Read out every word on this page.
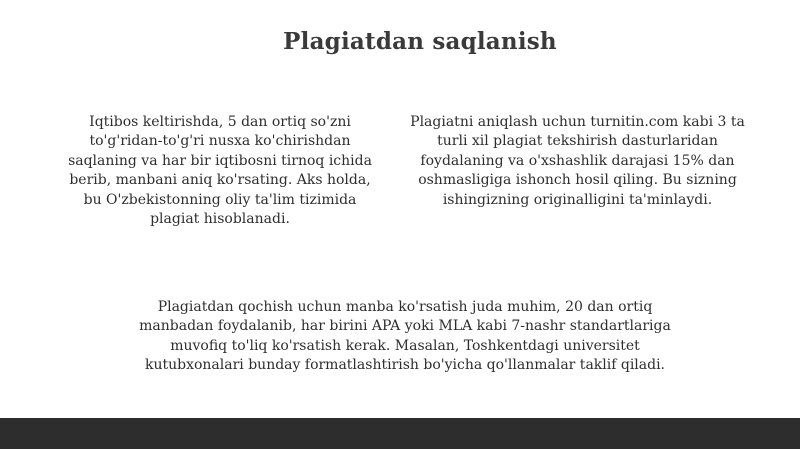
Plagiatdan saqlanish
Iqtibos keltirishda, 5 dan ortiq so'zni to'g'ridan-to'g'ri nusxa ko'chirishdan saqlaning va har bir iqtibosni tirnoq ichida berib, manbani aniq ko'rsating. Aks holda, bu O'zbekistonning oliy ta'lim tizimida plagiat hisoblanadi.
Plagiatni aniqlash uchun turnitin.com kabi 3 ta turli xil plagiat tekshirish dasturlaridan foydalaning va o'xshashlik darajasi 15% dan oshmasligiga ishonch hosil qiling. Bu sizning ishingizning originalligini ta'minlaydi.
Plagiatdan qochish uchun manba ko'rsatish juda muhim, 20 dan ortiq manbadan foydalanib, har birini APA yoki MLA kabi 7-nashr standartlariga muvofiq to'liq ko'rsatish kerak. Masalan, Toshkentdagi universitet kutubxonalari bunday formatlashtirish bo'yicha qo'llanmalar taklif qiladi.
